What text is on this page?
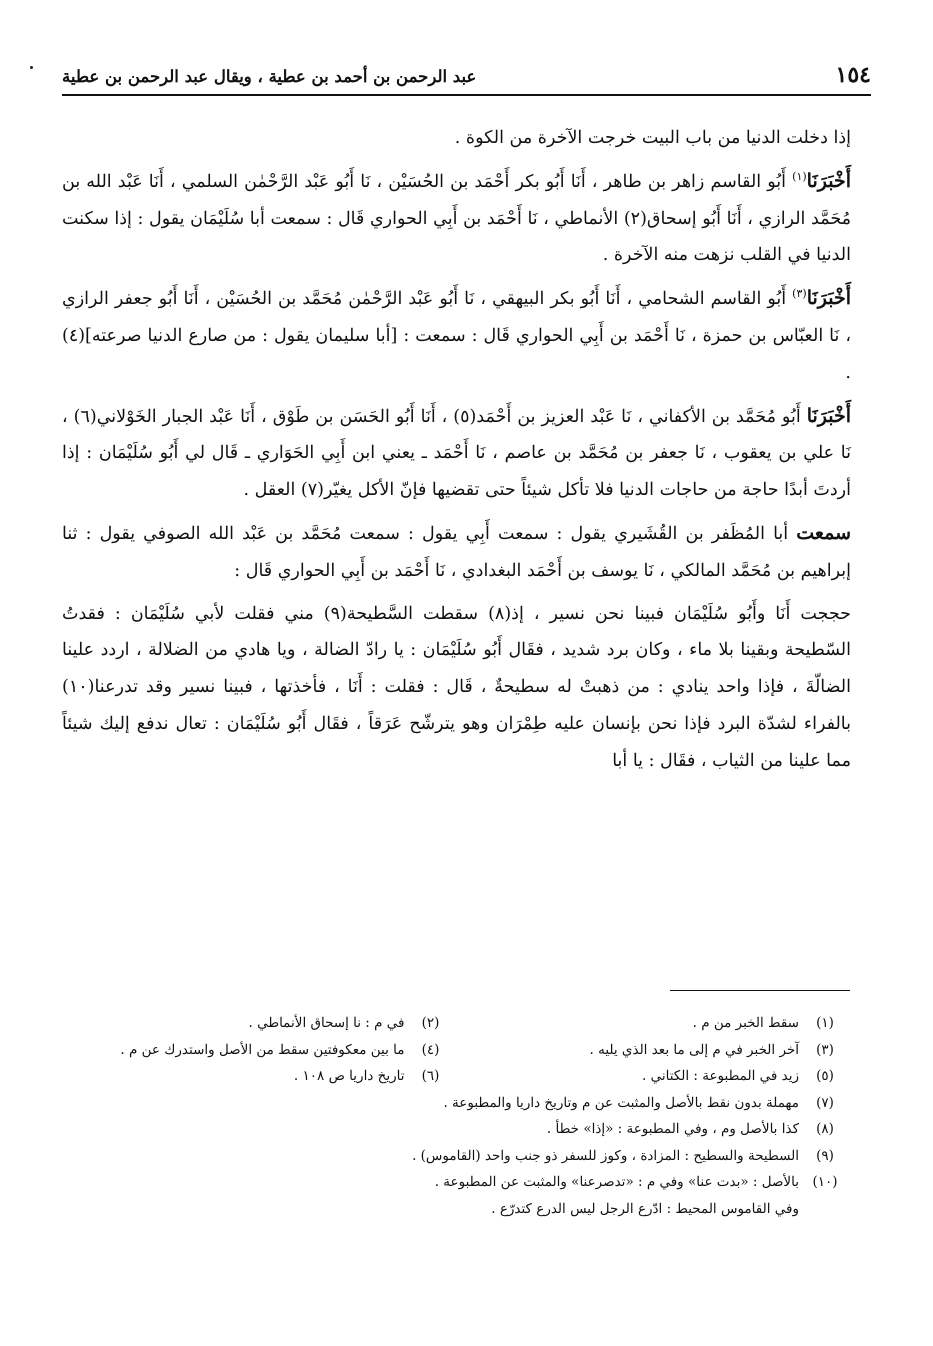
١٥٤
عبد الرحمن بن أحمد بن عطية ، ويقال عبد الرحمن بن عطية

إذا دخلت الدنيا من باب البيت خرجت الآخرة من الكوة .

أَخْبَرَنَا$^{(١)}$ أَبُو القاسم زاهر بن طاهر ، أَنَا أَبُو بكر أَحْمَد بن الحُسَيْن ، نَا أَبُو عَبْد الرَّحْمٰن السلمي ، أَنَا عَبْد الله بن مُحَمَّد الرازي ، أَنَا أَبُو إسحاق(٢) الأنماطي ، نَا أَحْمَد بن أَبِي الحواري قَال : سمعت أبا سُلَيْمَان يقول : إذا سكنت الدنيا في القلب نزهت منه الآخرة .

أَخْبَرَنَا$^{(٣)}$ أَبُو القاسم الشحامي ، أَنَا أَبُو بكر البيهقي ، نَا أَبُو عَبْد الرَّحْمٰن مُحَمَّد بن الحُسَيْن ، أَنَا أَبُو جعفر الرازي ، نَا العبّاس بن حمزة ، نَا أَحْمَد بن أَبِي الحواري قَال : سمعت : [أبا سليمان يقول : من صارع الدنيا صرعته](٤) .

أَخْبَرَنَا أَبُو مُحَمَّد بن الأكفاني ، نَا عَبْد العزيز بن أَحْمَد(٥) ، أَنَا أَبُو الحَسَن بن طَوْق ، أَنَا عَبْد الجبار الخَوْلاني(٦) ، نَا علي بن يعقوب ، نَا جعفر بن مُحَمَّد بن عاصم ، نَا أَحْمَد ـ يعني ابن أَبِي الحَوَاري ـ قَال لي أَبُو سُلَيْمَان : إذا أردتَ أبدًا حاجة من حاجات الدنيا فلا تأكل شيئاً حتى تقضيها فإنّ الأكل يغيّر(٧) العقل .

سمعت أبا المُظَفر بن القُشَيري يقول : سمعت أَبِي يقول : سمعت مُحَمَّد بن عَبْد الله الصوفي يقول : ثنا إبراهيم بن مُحَمَّد المالكي ، نَا يوسف بن أَحْمَد البغدادي ، نَا أَحْمَد بن أَبِي الحواري قَال :

حججت أَنَا وأَبُو سُلَيْمَان فبينا نحن نسير ، إذ(٨) سقطت السَّطيحة(٩) مني فقلت لأبي سُلَيْمَان : فقدتُ السّطيحة وبقينا بلا ماء ، وكان برد شديد ، فقَال أَبُو سُلَيْمَان : يا رادّ الضالة ، ويا هادي من الضلالة ، اردد علينا الضالّةَ ، فإذا واحد ينادي : من ذهبتْ له سطيحةٌ ، قَال : فقلت : أَنَا ، فأخذتها ، فبينا نسير وقد تدرعنا(١٠) بالفراء لشدّة البرد فإذا نحن بإنسان عليه طِمْرَان وهو يترشّح عَرَقاً ، فقَال أَبُو سُلَيْمَان : تعال ندفع إليك شيئاً مما علينا من الثياب ، فقَال : يا أبا

(١)
سقط الخبر من م .
(٢)
في م : نا إسحاق الأنماطي .
(٣)
آخر الخبر في م إلى ما بعد الذي يليه .
(٤)
ما بين معكوفتين سقط من الأصل واستدرك عن م .
(٥)
زيد في المطبوعة : الكتاني .
(٦)
تاريخ داريا ص ١٠٨ .
(٧)
مهملة بدون نقط بالأصل والمثبت عن م وتاريخ داريا والمطبوعة .
(٨)
كذا بالأصل وم ، وفي المطبوعة : «إذا» خطأ .
(٩)
السطيحة والسطيح : المزادة ، وكوز للسفر ذو جنب واحد (القاموس) .
(١٠)
بالأصل : «بدت عنا» وفي م : «تدصرعنا» والمثبت عن المطبوعة .
وفي القاموس المحيط : ادّرع الرجل ليس الدرع كتدرّع .
